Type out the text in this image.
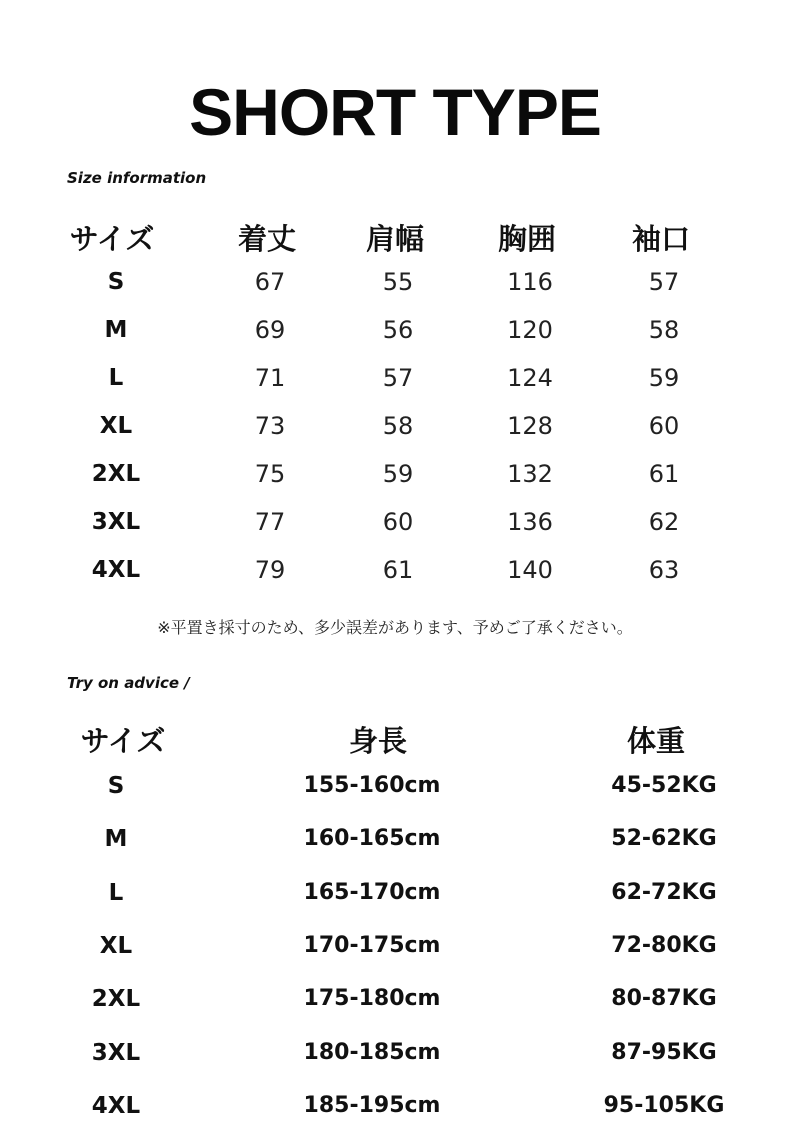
SHORT TYPE
Size information
サイズ	着丈 肩幅	胸囲	袖口
S	67	55	116	57
M	69	56	120	58
L	71	57	124	59
XL	73	58	128	60
2XL	75	59	132	61
3XL	77	60	136	62
4XL	79	61	140	63
※平置き採寸のため、多少誤差があります、予めご了承ください。
Try on advice /
サイズ	身長	体重
S	155-160cm	45-52KG
M	160-165cm	52-62KG
L	165-170cm	62-72KG
XL	170-175cm	72-80KG
2XL	175-180cm	80-87KG
3XL	180-185cm	87-95KG
4XL	185-195cm	95-105KG
